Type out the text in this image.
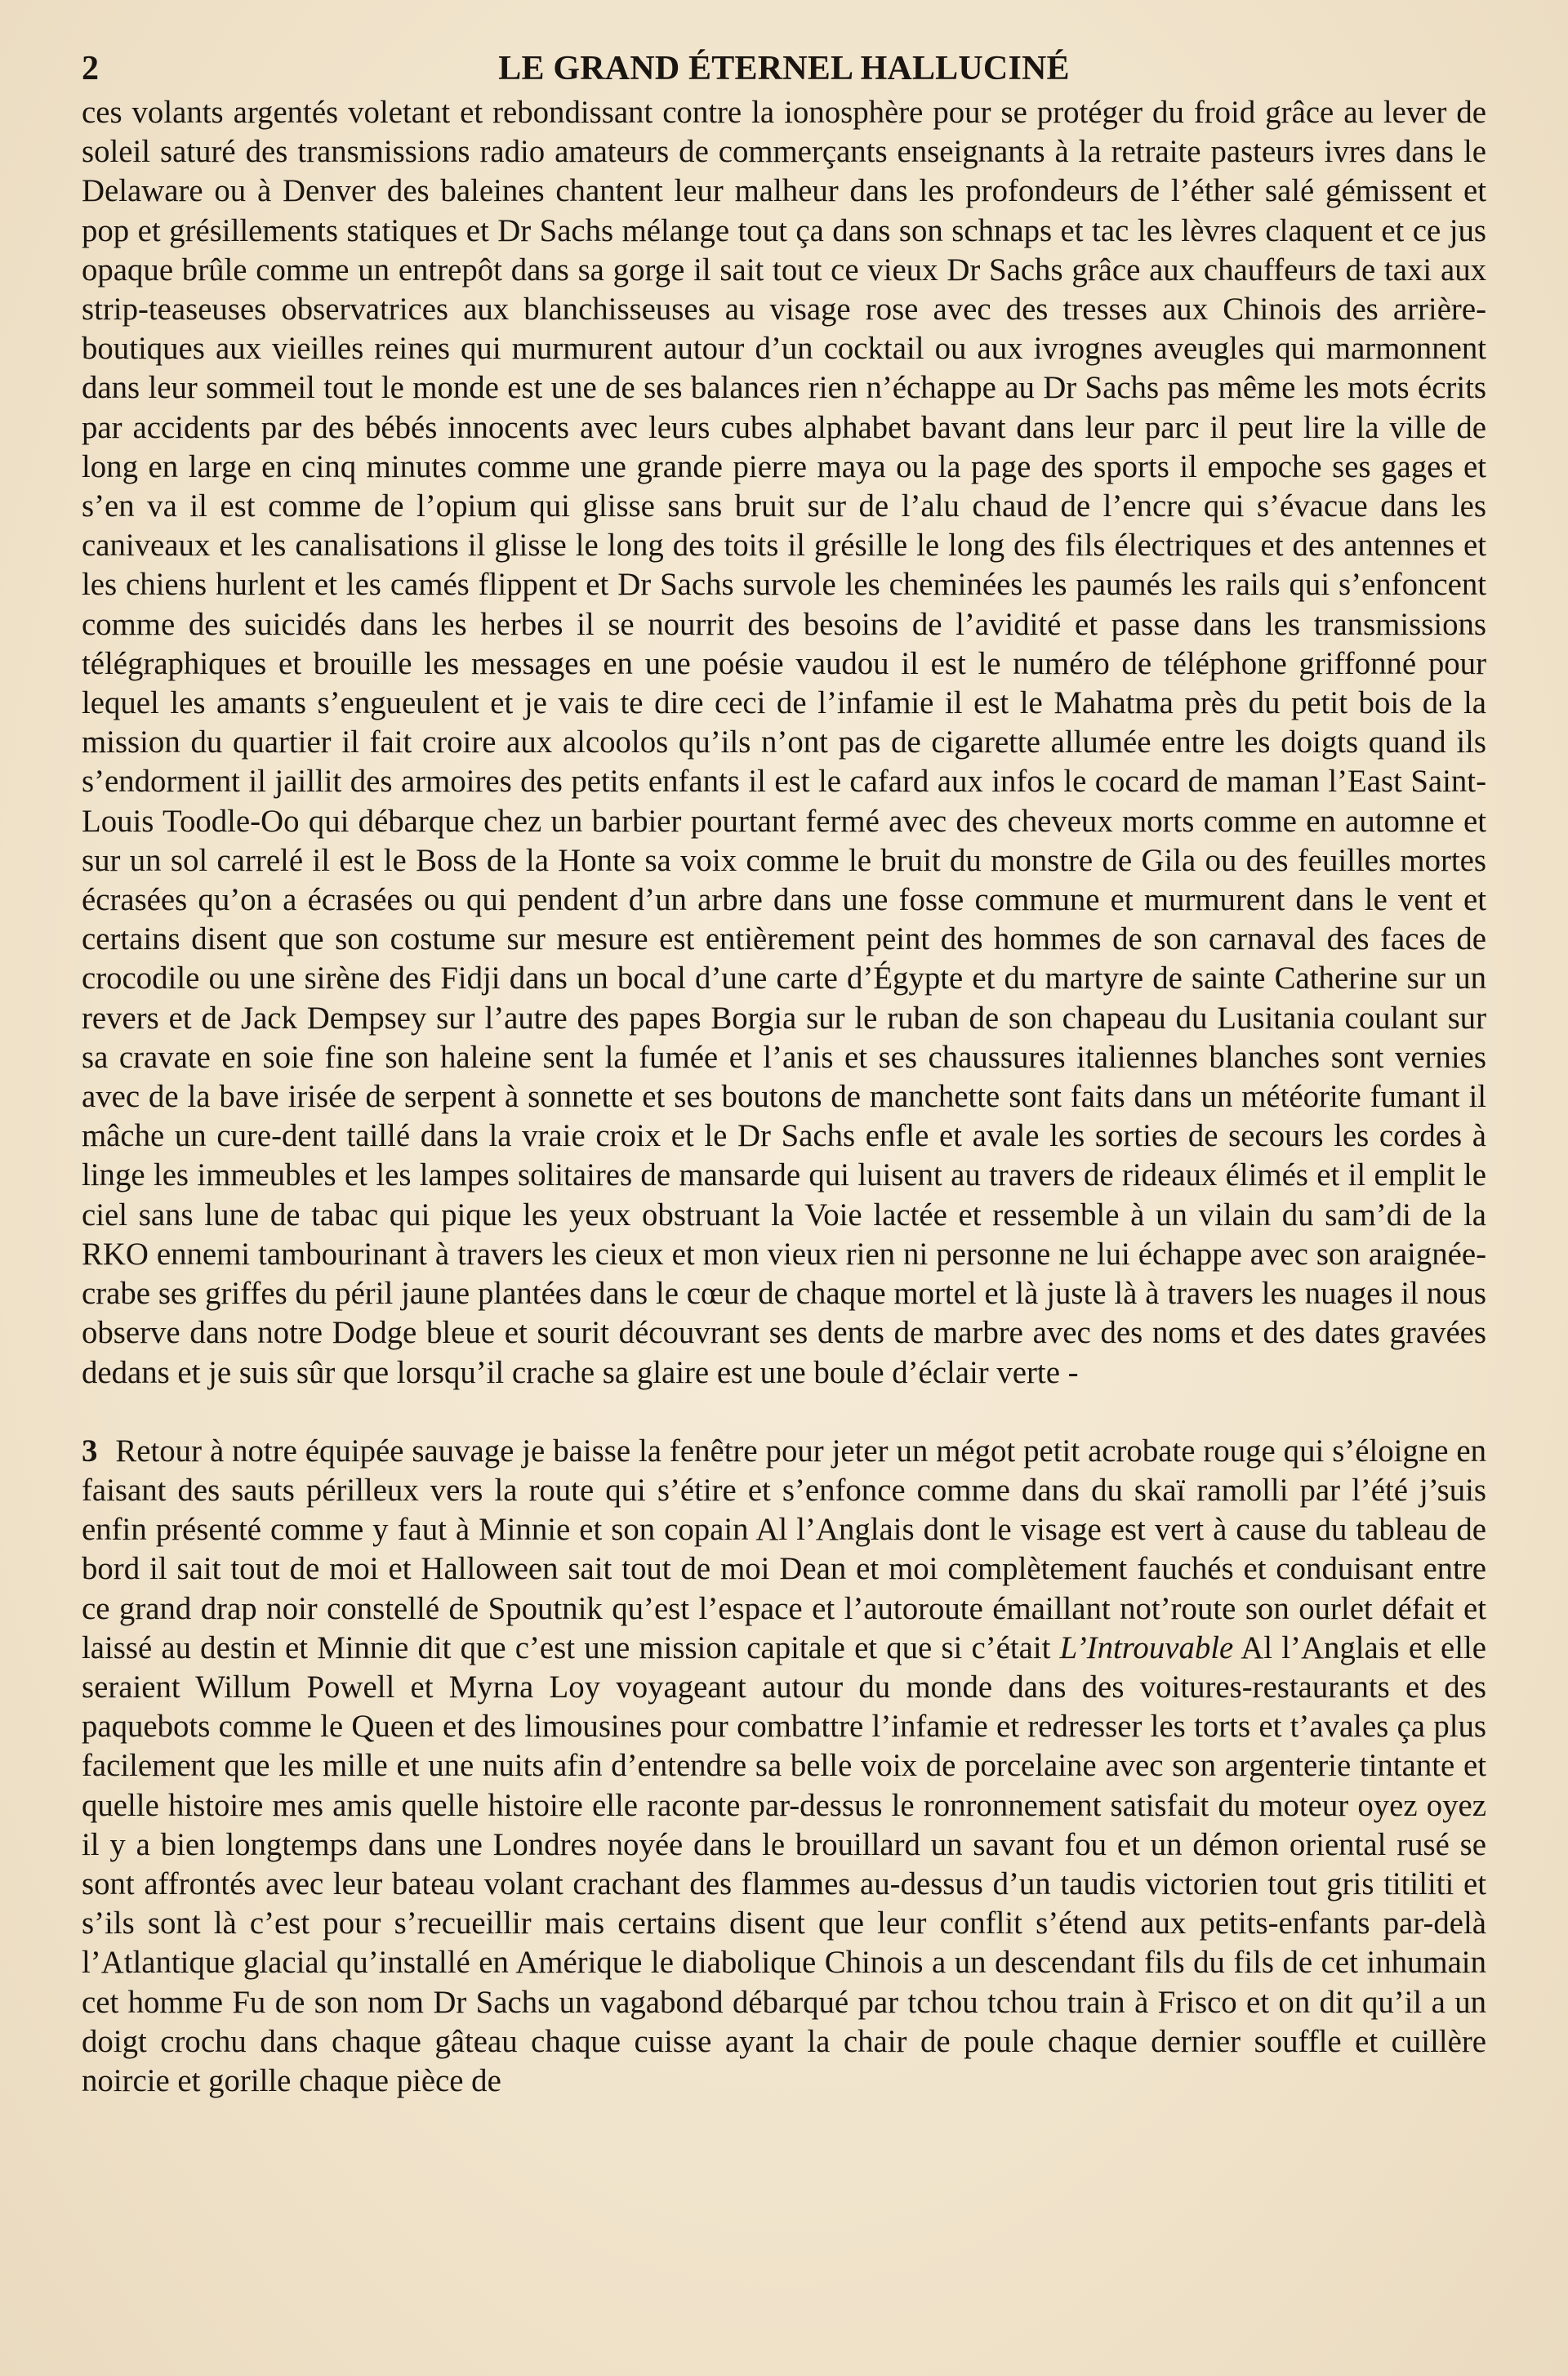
2	LE GRAND ÉTERNEL HALLUCINÉ

ces volants argentés voletant et rebondissant contre la ionosphère pour se protéger du froid grâce au lever de soleil saturé des transmissions radio amateurs de commerçants enseignants à la retraite pasteurs ivres dans le Delaware ou à Denver des baleines chantent leur malheur dans les profondeurs de l’éther salé gémissent et pop et grésillements statiques et Dr Sachs mélange tout ça dans son schnaps et tac les lèvres claquent et ce jus opaque brûle comme un entrepôt dans sa gorge il sait tout ce vieux Dr Sachs grâce aux chauffeurs de taxi aux strip-teaseuses observatrices aux blanchisseuses au visage rose avec des tresses aux Chinois des arrière-boutiques aux vieilles reines qui murmurent autour d’un cocktail ou aux ivrognes aveugles qui marmonnent dans leur sommeil tout le monde est une de ses balances rien n’échappe au Dr Sachs pas même les mots écrits par accidents par des bébés innocents avec leurs cubes alphabet bavant dans leur parc il peut lire la ville de long en large en cinq minutes comme une grande pierre maya ou la page des sports il empoche ses gages et s’en va il est comme de l’opium qui glisse sans bruit sur de l’alu chaud de l’encre qui s’évacue dans les caniveaux et les canalisations il glisse le long des toits il grésille le long des fils électriques et des antennes et les chiens hurlent et les camés flippent et Dr Sachs survole les cheminées les paumés les rails qui s’enfoncent comme des suicidés dans les herbes il se nourrit des besoins de l’avidité et passe dans les transmissions télégraphiques et brouille les messages en une poésie vaudou il est le numéro de téléphone griffonné pour lequel les amants s’engueulent et je vais te dire ceci de l’infamie il est le Mahatma près du petit bois de la mission du quartier il fait croire aux alcoolos qu’ils n’ont pas de cigarette allumée entre les doigts quand ils s’endorment il jaillit des armoires des petits enfants il est le cafard aux infos le cocard de maman l’East Saint-Louis Toodle-Oo qui débarque chez un barbier pourtant fermé avec des cheveux morts comme en automne et sur un sol carrelé il est le Boss de la Honte sa voix comme le bruit du monstre de Gila ou des feuilles mortes écrasées qu’on a écrasées ou qui pendent d’un arbre dans une fosse commune et murmurent dans le vent et certains disent que son costume sur mesure est entièrement peint des hommes de son carnaval des faces de crocodile ou une sirène des Fidji dans un bocal d’une carte d’Égypte et du martyre de sainte Catherine sur un revers et de Jack Dempsey sur l’autre des papes Borgia sur le ruban de son chapeau du Lusitania coulant sur sa cravate en soie fine son haleine sent la fumée et l’anis et ses chaussures italiennes blanches sont vernies avec de la bave irisée de serpent à sonnette et ses boutons de manchette sont faits dans un météorite fumant il mâche un cure-dent taillé dans la vraie croix et le Dr Sachs enfle et avale les sorties de secours les cordes à linge les immeubles et les lampes solitaires de mansarde qui luisent au travers de rideaux élimés et il emplit le ciel sans lune de tabac qui pique les yeux obstruant la Voie lactée et ressemble à un vilain du sam’di de la RKO ennemi tambourinant à travers les cieux et mon vieux rien ni personne ne lui échappe avec son araignée-crabe ses griffes du péril jaune plantées dans le cœur de chaque mortel et là juste là à travers les nuages il nous observe dans notre Dodge bleue et sourit découvrant ses dents de marbre avec des noms et des dates gravées dedans et je suis sûr que lorsqu’il crache sa glaire est une boule d’éclair verte -

3 Retour à notre équipée sauvage je baisse la fenêtre pour jeter un mégot petit acrobate rouge qui s’éloigne en faisant des sauts périlleux vers la route qui s’étire et s’enfonce comme dans du skaï ramolli par l’été j’suis enfin présenté comme y faut à Minnie et son copain Al l’Anglais dont le visage est vert à cause du tableau de bord il sait tout de moi et Halloween sait tout de moi Dean et moi complètement fauchés et conduisant entre ce grand drap noir constellé de Spoutnik qu’est l’espace et l’autoroute émaillant not’route son ourlet défait et laissé au destin et Minnie dit que c’est une mission capitale et que si c’était L’Introuvable Al l’Anglais et elle seraient Willum Powell et Myrna Loy voyageant autour du monde dans des voitures-restaurants et des paquebots comme le Queen et des limousines pour combattre l’infamie et redresser les torts et t’avales ça plus facilement que les mille et une nuits afin d’entendre sa belle voix de porcelaine avec son argenterie tintante et quelle histoire mes amis quelle histoire elle raconte par-dessus le ronronnement satisfait du moteur oyez oyez il y a bien longtemps dans une Londres noyée dans le brouillard un savant fou et un démon oriental rusé se sont affrontés avec leur bateau volant crachant des flammes au-dessus d’un taudis victorien tout gris titiliti et s’ils sont là c’est pour s’recueillir mais certains disent que leur conflit s’étend aux petits-enfants par-delà l’Atlantique glacial qu’installé en Amérique le diabolique Chinois a un descendant fils du fils de cet inhumain cet homme Fu de son nom Dr Sachs un vagabond débarqué par tchou tchou train à Frisco et on dit qu’il a un doigt crochu dans chaque gâteau chaque cuisse ayant la chair de poule chaque dernier souffle et cuillère noircie et gorille chaque pièce de
